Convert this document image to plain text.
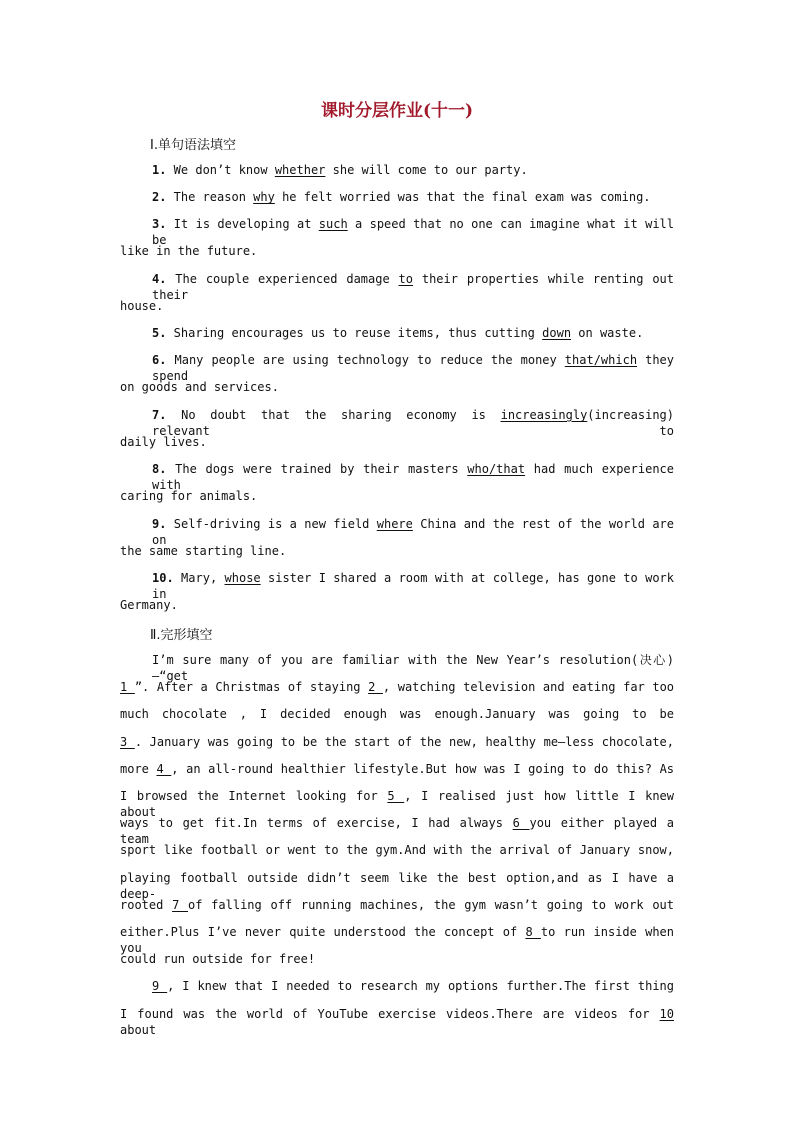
课时分层作业(十一)
Ⅰ.单句语法填空
1. We don’t know whether she will come to our party.
2. The reason why he felt worried was that the final exam was coming.
3. It is developing at such a speed that no one can imagine what it will be
like in the future.
4. The couple experienced damage to their properties while renting out their
house.
5. Sharing encourages us to reuse items, thus cutting down on waste.
6. Many people are using technology to reduce the money that/which they spend
on goods and services.
7. No doubt that the sharing economy is increasingly(increasing) relevant to
daily lives.
8. The dogs were trained by their masters who/that had much experience with
caring for animals.
9. Self-driving is a new field where China and the rest of the world are on
the same starting line.
10. Mary, whose sister I shared a room with at college, has gone to work in
Germany.
Ⅱ.完形填空
I’m sure many of you are familiar with the New Year’s resolution(决心)—“get
1 ”. After a Christmas of staying 2 , watching television and eating far too
much chocolate , I decided enough was enough.January was going to be
3 . January was going to be the start of the new, healthy me—less chocolate,
more 4 , an all-round healthier lifestyle.But how was I going to do this? As
I browsed the Internet looking for 5 , I realised just how little I knew about
ways to get fit.In terms of exercise, I had always 6 you either played a team
sport like football or went to the gym.And with the arrival of January snow,
playing football outside didn’t seem like the best option,and as I have a deep-
rooted 7 of falling off running machines, the gym wasn’t going to work out
either.Plus I’ve never quite understood the concept of 8 to run inside when you
could run outside for free!
9 , I knew that I needed to research my options further.The first thing
I found was the world of YouTube exercise videos.There are videos for 10 about
